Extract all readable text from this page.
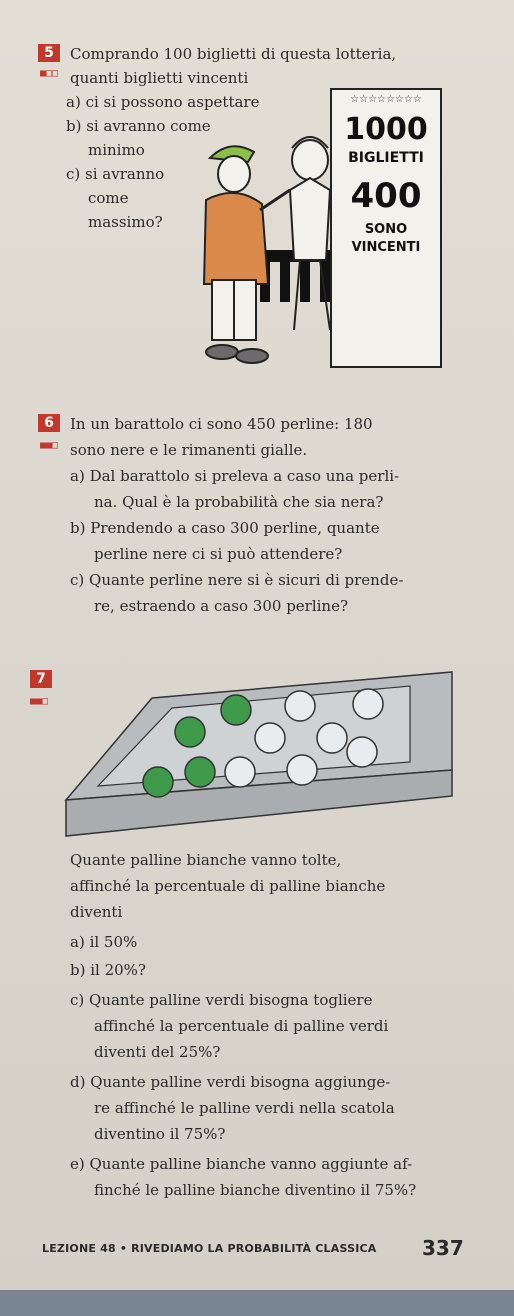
5
■□□
Comprando 100 biglietti di questa lotteria,
quanti biglietti vincenti
a) ci si possono aspettare
b) si avranno come
minimo
c) si avranno
come
massimo?
☆☆☆☆☆☆☆☆
1000
BIGLIETTI
400
SONO
VINCENTI
6
■■□
In un barattolo ci sono 450 perline: 180
sono nere e le rimanenti gialle.
a) Dal barattolo si preleva a caso una perli-
na. Qual è la probabilità che sia nera?
b) Prendendo a caso 300 perline, quante
perline nere ci si può attendere?
c) Quante perline nere si è sicuri di prende-
re, estraendo a caso 300 perline?
7
■■□
Quante palline bianche vanno tolte,
affinché la percentuale di palline bianche
diventi
a) il 50%
b) il 20%?
c) Quante palline verdi bisogna togliere
affinché la percentuale di palline verdi
diventi del 25%?
d) Quante palline verdi bisogna aggiunge-
re affinché le palline verdi nella scatola
diventino il 75%?
e) Quante palline bianche vanno aggiunte af-
finché le palline bianche diventino il 75%?
LEZIONE 48 • RIVEDIAMO LA PROBABILITÀ CLASSICA 337
